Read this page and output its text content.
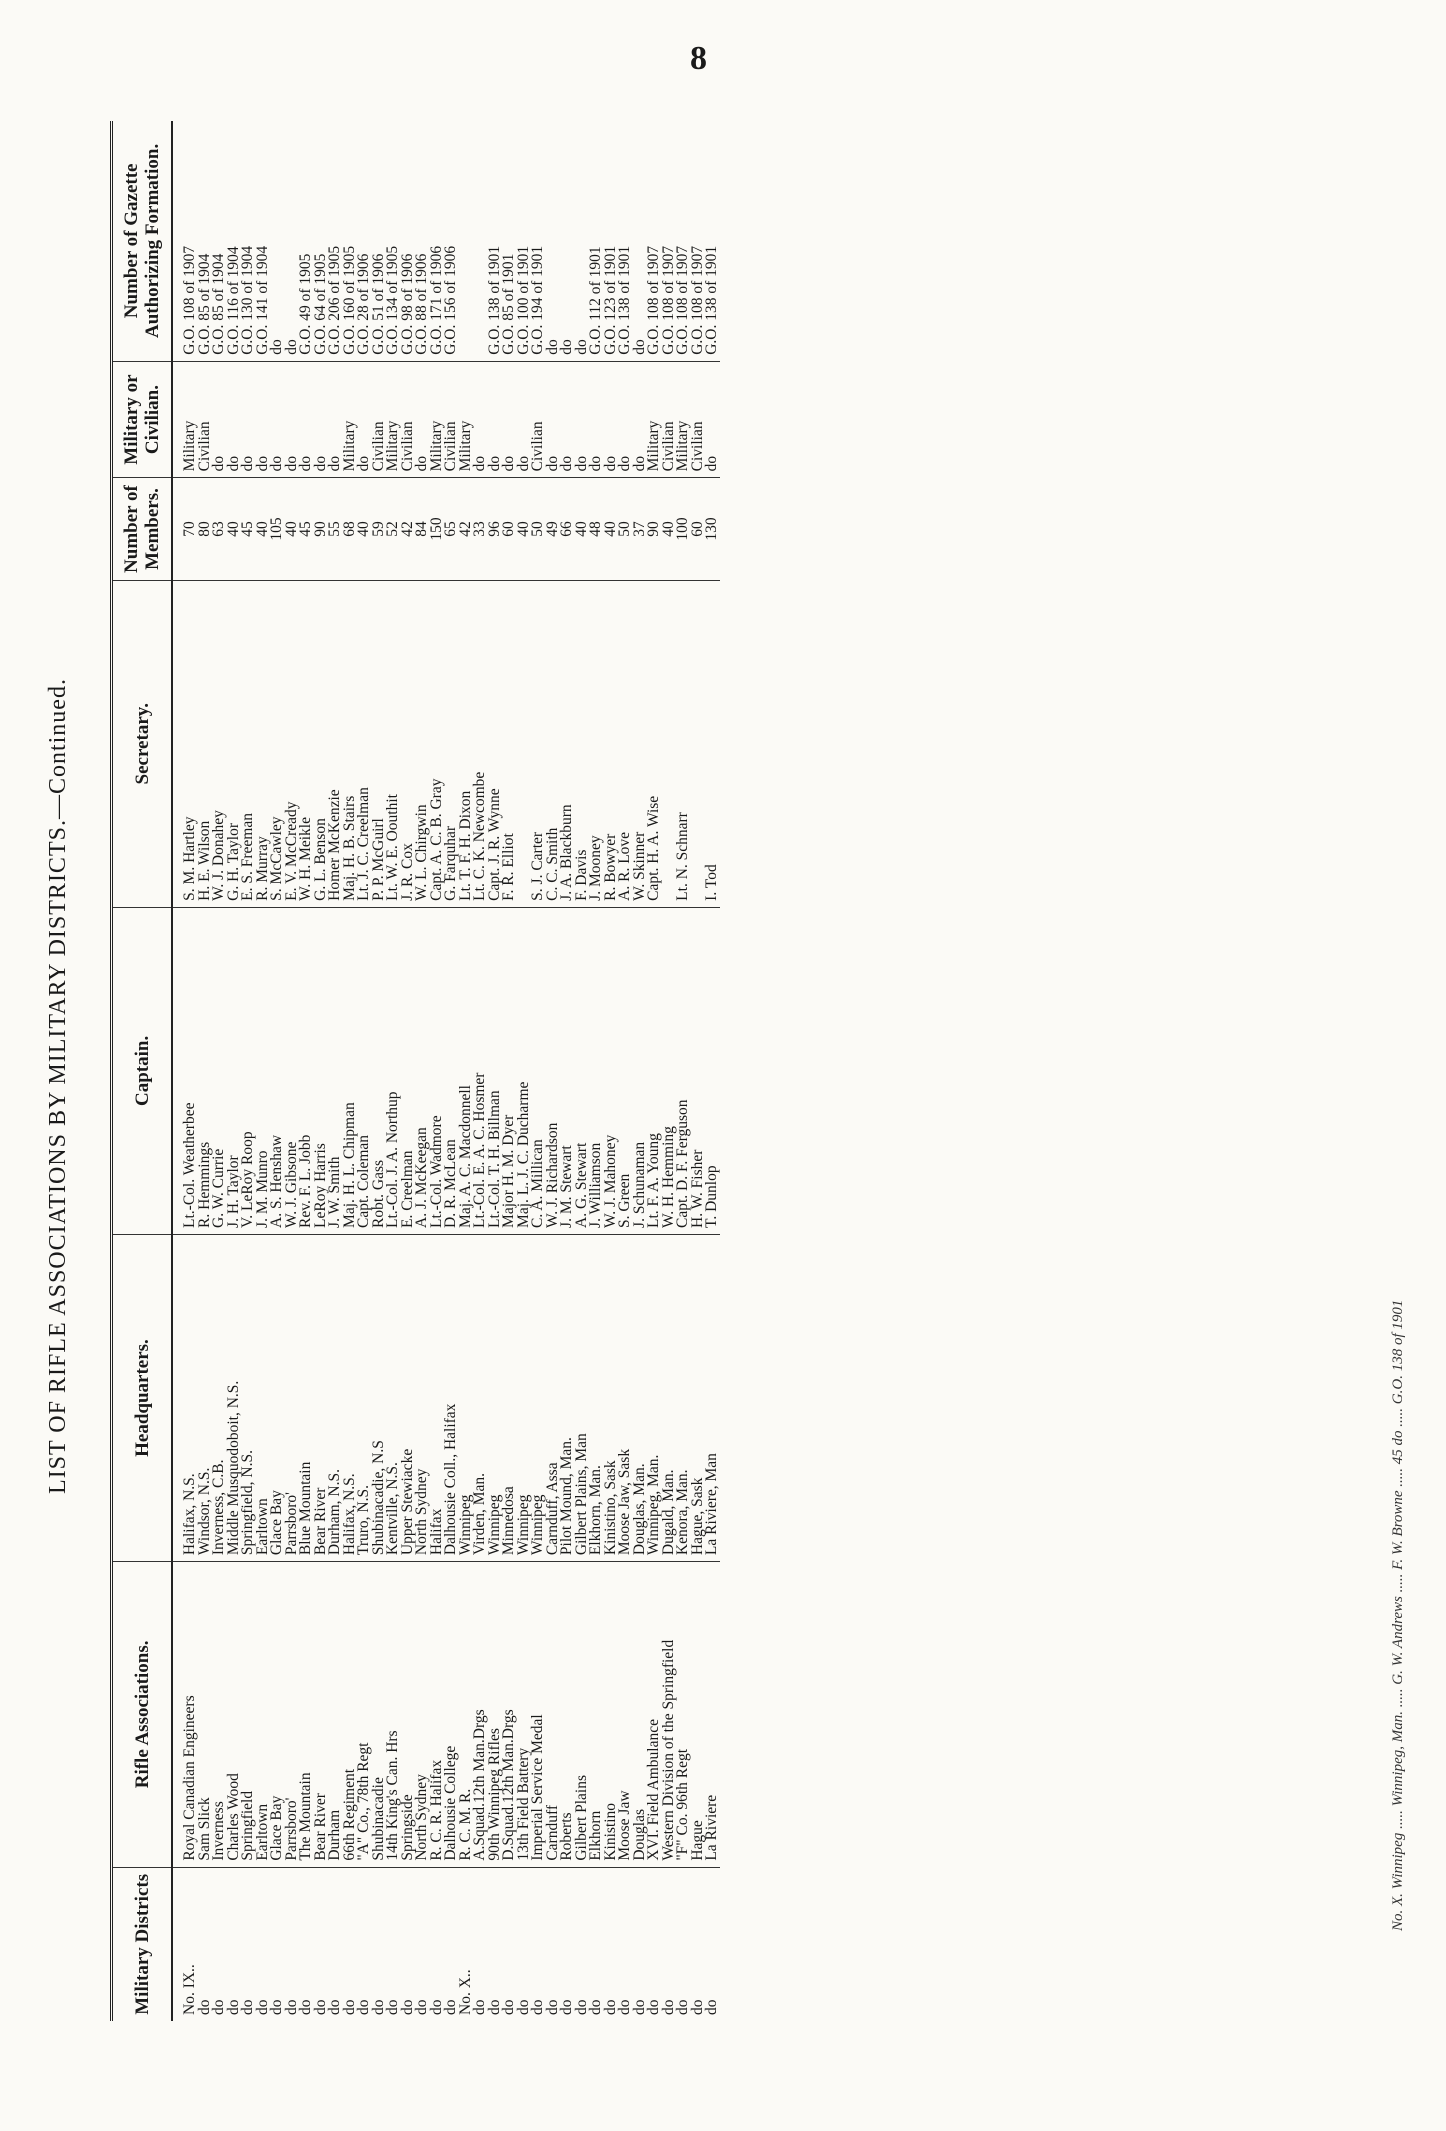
8
LIST OF RIFLE ASSOCIATIONS BY MILITARY DISTRICTS.—Continued.
Military Districts	Rifle Associations.	Headquarters.	Captain.	Secretary.	Number of Members.	Military or Civilian.	Number of Gazette Authorizing Formation.
No. IX..	Royal Canadian Engineers	Halifax, N.S.	Lt.-Col. Weatherbee	S. M. Hartley	70	Military	G.O. 108 of 1907
do	Sam Slick	Windsor, N.S.	R. Hemmings	H. E. Wilson	80	Civilian	G.O. 85 of 1904
do	Inverness	Inverness, C.B.	G. W. Currie	W. J. Donahey	63	do	G.O. 85 of 1904
do	Charles Wood	Middle Musquodoboit, N.S.	J. H. Taylor	G. H. Taylor	40	do	G.O. 116 of 1904
do	Springfield	Springfield, N.S.	V. LeRoy Roop	E. S. Freeman	45	do	G.O. 130 of 1904
do	Earltown	Earltown	J. M. Munro	R. Murray	40	do	G.O. 141 of 1904
do	Glace Bay	Glace Bay	A. S. Henshaw	S. McCawley	105	do	do
do	Parrsboro'	Parrsboro'	W. J. Gibsone	E. V. McCready	40	do	do
do	The Mountain	Blue Mountain	Rev. F. L. Jobb	W. H. Meikle	45	do	G.O. 49 of 1905
do	Bear River	Bear River	LeRoy Harris	G. L. Benson	90	do	G.O. 64 of 1905
do	Durham	Durham, N.S.	J. W. Smith	Homer McKenzie	55	do	G.O. 206 of 1905
do	66th Regiment	Halifax, N.S.	Maj. H. L. Chipman	Maj. H. B. Stairs	68	Military	G.O. 160 of 1905
do	"A" Co., 78th Regt	Truro, N.S.	Capt. Coleman	Lt. J. C. Creelman	40	do	G.O. 28 of 1906
do	Shubinacadie	Shubinacadie, N.S	Robt. Gass	P. P. McGuirl	59	Civilian	G.O. 51 of 1906
do	14th King's Can. Hrs	Kentville, N.S.	Lt.-Col. J. A. Northup	Lt. W. E. Oouthit	52	Military	G.O. 134 of 1905
do	Springside	Upper Stewiacke	E. Creelman	J. R. Cox	42	Civilian	G.O. 98 of 1906
do	North Sydney	North Sydney	A. J. McKeegan	W. L. Chirgwin	84	do	G.O. 88 of 1906
do	R. C. R. Halifax	Halifax	Lt.-Col. Wadmore	Capt. A. C. B. Gray	150	Military	G.O. 171 of 1906
do	Dalhousie College	Dalhousie Coll., Halifax	D. R. McLean	G. Farquhar	65	Civilian	G.O. 156 of 1906
No. X..	R. C. M. R.	Winnipeg	Maj. A. C. Macdonnell	Lt. T. F. H. Dixon	42	Military	
do	A.Squad.12th Man.Drgs	Virden, Man.	Lt.-Col. E. A. C. Hosmer	Lt. C. K. Newcombe	33	do	
do	90th Winnipeg Rifles	Winnipeg	Lt.-Col. T. H. Billman	Capt. J. R. Wynne	96	do	G.O. 138 of 1901
do	D.Squad.12th Man.Drgs	Minnedosa	Major H. M. Dyer	F. R. Elliot	60	do	G.O. 85 of 1901
do	13th Field Battery	Winnipeg	Maj. L. J. C. Ducharme		40	do	G.O. 100 of 1901
do	Imperial Service Medal	Winnipeg	C. A. Millican	S. J. Carter	50	Civilian	G.O. 194 of 1901
do	Carnduff	Carnduff, Assa	W. J. Richardson	C. C. Smith	49	do	do
do	Roberts	Pilot Mound, Man.	J. M. Stewart	J. A. Blackburn	66	do	do
do	Gilbert Plains	Gilbert Plains, Man	A. G. Stewart	F. Davis	40	do	do
do	Elkhorn	Elkhorn, Man.	J. Williamson	J. Mooney	48	do	G.O. 112 of 1901
do	Kinistino	Kinistino, Sask	W. J. Mahoney	R. Bowyer	40	do	G.O. 123 of 1901
do	Moose Jaw	Moose Jaw, Sask	S. Green	A. R. Love	50	do	G.O. 138 of 1901
do	Douglas	Douglas, Man.	J. Schunaman	W. Skinner	37	do	do
do	XVI. Field Ambulance	Winnipeg, Man.	Lt. F. A. Young	Capt. H. A. Wise	90	Military	G.O. 108 of 1907
do	Western Division of the Springfield	Dugald, Man.	W. H. Hemming		40	Civilian	G.O. 108 of 1907
do	"F" Co. 96th Regt	Kenora, Man.	Capt. D. F. Ferguson	Lt. N. Schnarr	100	Military	G.O. 108 of 1907
do	Hague	Hague, Sask	H. W. Fisher		60	Civilian	G.O. 108 of 1907
do	La Riviere	La Riviere, Man	T. Dunlop	I. Tod	130	do	G.O. 138 of 1901
No. X. Winnipeg ..... Winnipeg, Man. ..... G. W. Andrews ..... F. W. Browne ..... 45 do ..... G.O. 138 of 1901
